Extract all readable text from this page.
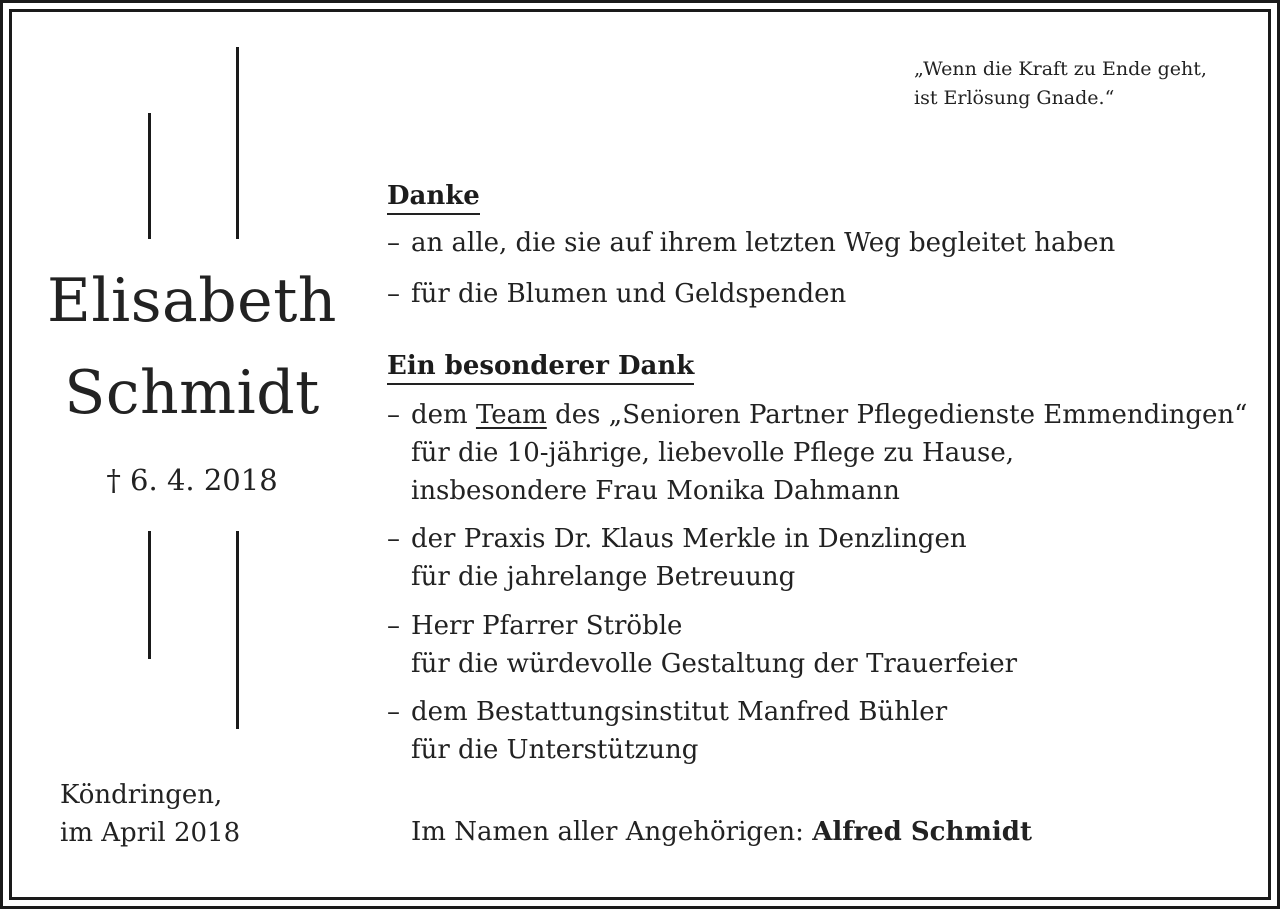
„Wenn die Kraft zu Ende geht,
ist Erlösung Gnade.“
Elisabeth
Schmidt
† 6. 4. 2018
Köndringen,
im April 2018
Danke
– an alle, die sie auf ihrem letzten Weg begleitet haben
– für die Blumen und Geldspenden
Ein besonderer Dank
– dem Team des „Senioren Partner Pflegedienste Emmendingen“
für die 10-jährige, liebevolle Pflege zu Hause,
insbesondere Frau Monika Dahmann
– der Praxis Dr. Klaus Merkle in Denzlingen
für die jahrelange Betreuung
– Herr Pfarrer Ströble
für die würdevolle Gestaltung der Trauerfeier
– dem Bestattungsinstitut Manfred Bühler
für die Unterstützung
Im Namen aller Angehörigen: Alfred Schmidt
